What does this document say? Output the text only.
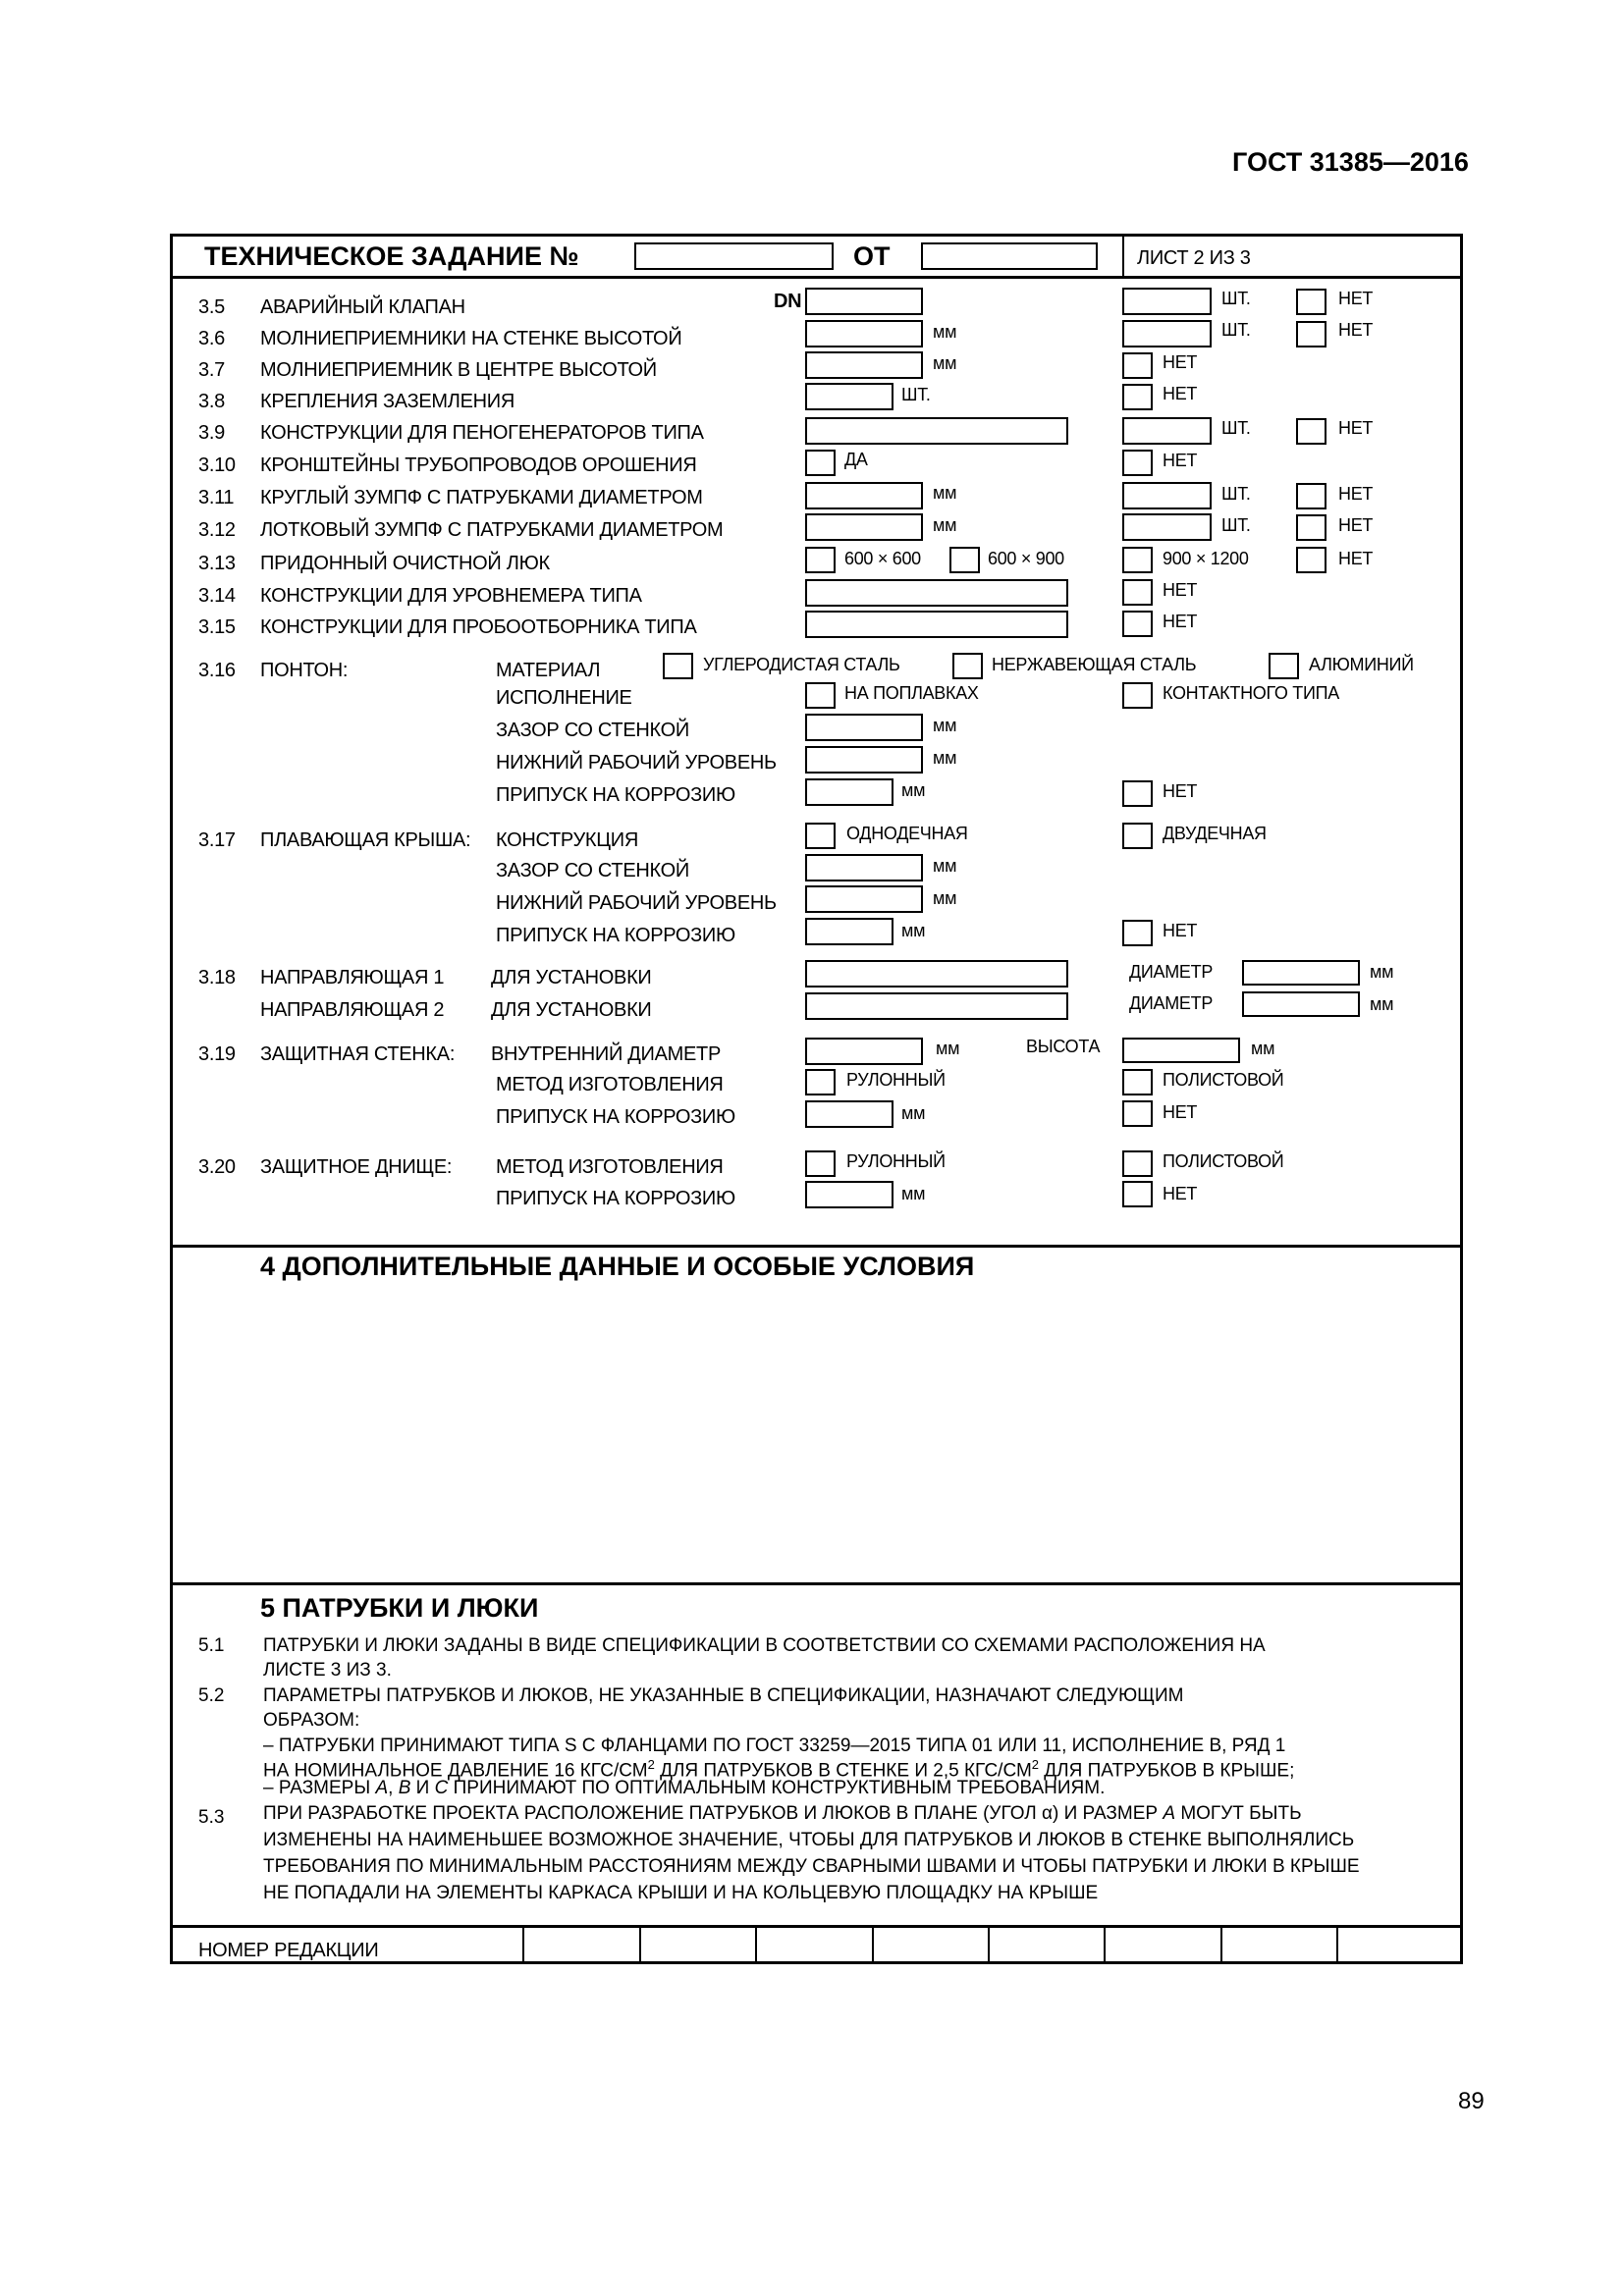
ГОСТ 31385—2016
ТЕХНИЧЕСКОЕ ЗАДАНИЕ №	ОТ	ЛИСТ 2 ИЗ 3
3.5 АВАРИЙНЫЙ КЛАПАН	DN	ШТ.	НЕТ
3.6 МОЛНИЕПРИЕМНИКИ НА СТЕНКЕ ВЫСОТОЙ	мм	ШТ.	НЕТ
3.7 МОЛНИЕПРИЕМНИК В ЦЕНТРЕ ВЫСОТОЙ	мм	НЕТ
3.8 КРЕПЛЕНИЯ ЗАЗЕМЛЕНИЯ	ШТ.	НЕТ
3.9 КОНСТРУКЦИИ ДЛЯ ПЕНОГЕНЕРАТОРОВ ТИПА	ШТ.	НЕТ
3.10 КРОНШТЕЙНЫ ТРУБОПРОВОДОВ ОРОШЕНИЯ	ДА	НЕТ
3.11 КРУГЛЫЙ ЗУМПФ С ПАТРУБКАМИ ДИАМЕТРОМ	мм	ШТ.	НЕТ
3.12 ЛОТКОВЫЙ ЗУМПФ С ПАТРУБКАМИ ДИАМЕТРОМ	мм	ШТ.	НЕТ
3.13 ПРИДОННЫЙ ОЧИСТНОЙ ЛЮК	600 × 600	600 × 900	900 × 1200	НЕТ
3.14 КОНСТРУКЦИИ ДЛЯ УРОВНЕМЕРА ТИПА	НЕТ
3.15 КОНСТРУКЦИИ ДЛЯ ПРОБООТБОРНИКА ТИПА	НЕТ
3.16 ПОНТОН:	МАТЕРИАЛ	УГЛЕРОДИСТАЯ СТАЛЬ	НЕРЖАВЕЮЩАЯ СТАЛЬ	АЛЮМИНИЙ
ИСПОЛНЕНИЕ	НА ПОПЛАВКАХ	КОНТАКТНОГО ТИПА
ЗАЗОР СО СТЕНКОЙ	мм
НИЖНИЙ РАБОЧИЙ УРОВЕНЬ	мм
ПРИПУСК НА КОРРОЗИЮ	мм	НЕТ
3.17 ПЛАВАЮЩАЯ КРЫША: КОНСТРУКЦИЯ	ОДНОДЕЧНАЯ	ДВУДЕЧНАЯ
ЗАЗОР СО СТЕНКОЙ	мм
НИЖНИЙ РАБОЧИЙ УРОВЕНЬ	мм
ПРИПУСК НА КОРРОЗИЮ	мм	НЕТ
3.18 НАПРАВЛЯЮЩАЯ 1 ДЛЯ УСТАНОВКИ	ДИАМЕТР	мм
НАПРАВЛЯЮЩАЯ 2 ДЛЯ УСТАНОВКИ	ДИАМЕТР	мм
3.19 ЗАЩИТНАЯ СТЕНКА: ВНУТРЕННИЙ ДИАМЕТР	мм	ВЫСОТА	мм
МЕТОД ИЗГОТОВЛЕНИЯ	РУЛОННЫЙ	ПОЛИСТОВОЙ
ПРИПУСК НА КОРРОЗИЮ	мм	НЕТ
3.20 ЗАЩИТНОЕ ДНИЩЕ: МЕТОД ИЗГОТОВЛЕНИЯ	РУЛОННЫЙ	ПОЛИСТОВОЙ
ПРИПУСК НА КОРРОЗИЮ	мм	НЕТ
4 ДОПОЛНИТЕЛЬНЫЕ ДАННЫЕ И ОСОБЫЕ УСЛОВИЯ
5 ПАТРУБКИ И ЛЮКИ
5.1 ПАТРУБКИ И ЛЮКИ ЗАДАНЫ В ВИДЕ СПЕЦИФИКАЦИИ В СООТВЕТСТВИИ СО СХЕМАМИ РАСПОЛОЖЕНИЯ НА ЛИСТЕ 3 ИЗ 3.
5.2 ПАРАМЕТРЫ ПАТРУБКОВ И ЛЮКОВ, НЕ УКАЗАННЫЕ В СПЕЦИФИКАЦИИ, НАЗНАЧАЮТ СЛЕДУЮЩИМ ОБРАЗОМ:
– ПАТРУБКИ ПРИНИМАЮТ ТИПА S С ФЛАНЦАМИ ПО ГОСТ 33259—2015 ТИПА 01 ИЛИ 11, ИСПОЛНЕНИЕ В, РЯД 1
НА НОМИНАЛЬНОЕ ДАВЛЕНИЕ 16 КГС/$СМ^2$ ДЛЯ ПАТРУБКОВ В СТЕНКЕ И 2,5 КГС/$СМ^2$ ДЛЯ ПАТРУБКОВ В КРЫШЕ;
– РАЗМЕРЫ А, В И С ПРИНИМАЮТ ПО ОПТИМАЛЬНЫМ КОНСТРУКТИВНЫМ ТРЕБОВАНИЯМ.
5.3 ПРИ РАЗРАБОТКЕ ПРОЕКТА РАСПОЛОЖЕНИЕ ПАТРУБКОВ И ЛЮКОВ В ПЛАНЕ (УГОЛ α) И РАЗМЕР А МОГУТ БЫТЬ ИЗМЕНЕНЫ НА НАИМЕНЬШЕЕ ВОЗМОЖНОЕ ЗНАЧЕНИЕ, ЧТОБЫ ДЛЯ ПАТРУБКОВ И ЛЮКОВ В СТЕНКЕ ВЫПОЛНЯЛИСЬ ТРЕБОВАНИЯ ПО МИНИМАЛЬНЫМ РАССТОЯНИЯМ МЕЖДУ СВАРНЫМИ ШВАМИ И ЧТОБЫ ПАТРУБКИ И ЛЮКИ В КРЫШЕ НЕ ПОПАДАЛИ НА ЭЛЕМЕНТЫ КАРКАСА КРЫШИ И НА КОЛЬЦЕВУЮ ПЛОЩАДКУ НА КРЫШЕ
НОМЕР РЕДАКЦИИ
89
